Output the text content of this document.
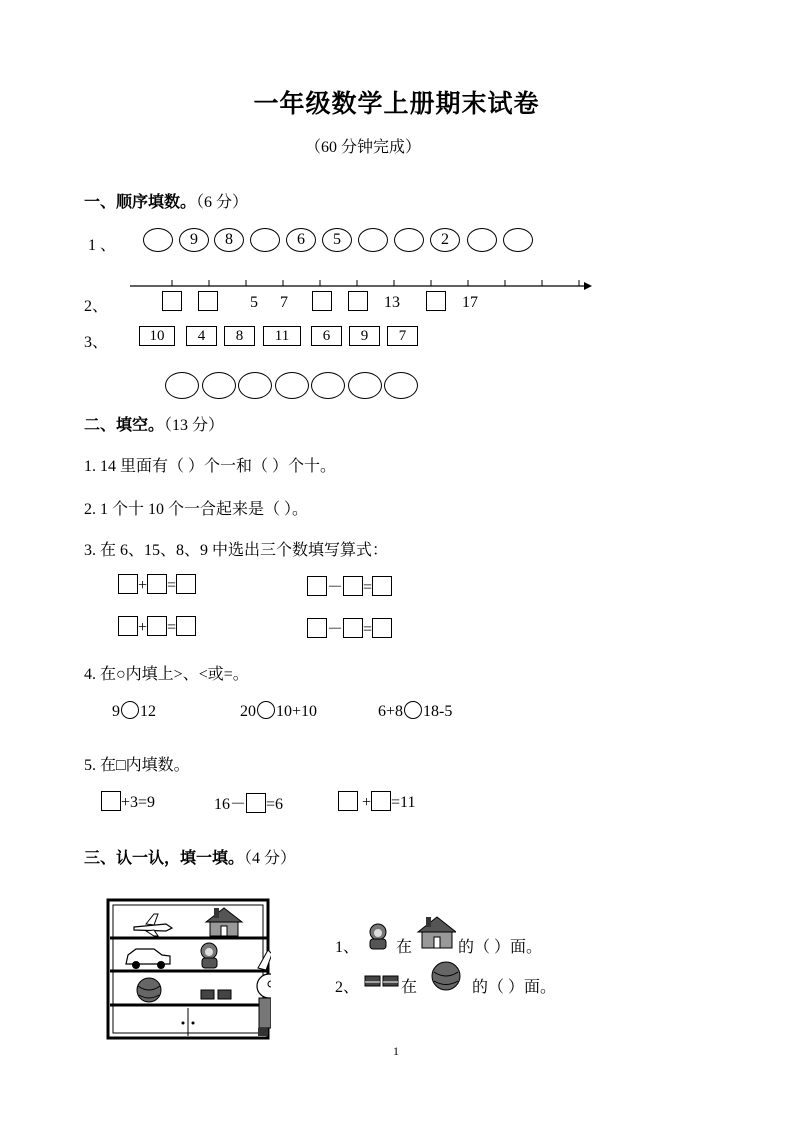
一年级数学上册期末试卷
（60 分钟完成）
一、顺序填数。（6 分）
1 、	9	8	6	5	2
2、	5 7	13	17
3、	10	4	8	11	6	9	7
二、填空。（13 分）
1. 14 里面有（ ）个一和（ ）个十。
2. 1 个十 10 个一合起来是（ ）。
3. 在 6、15、8、9 中选出三个数填写算式：
+ =	－ =
+ =	－ =
4. 在○内填上>、<或=。
9 12	20 10+10	6+8 18-5
5. 在□内填数。
+3=9	16－ =6	+ =11
三、认一认，填一填。（4 分）
1、 在	的（ ）面。
2、	在	的（ ）面。
1
